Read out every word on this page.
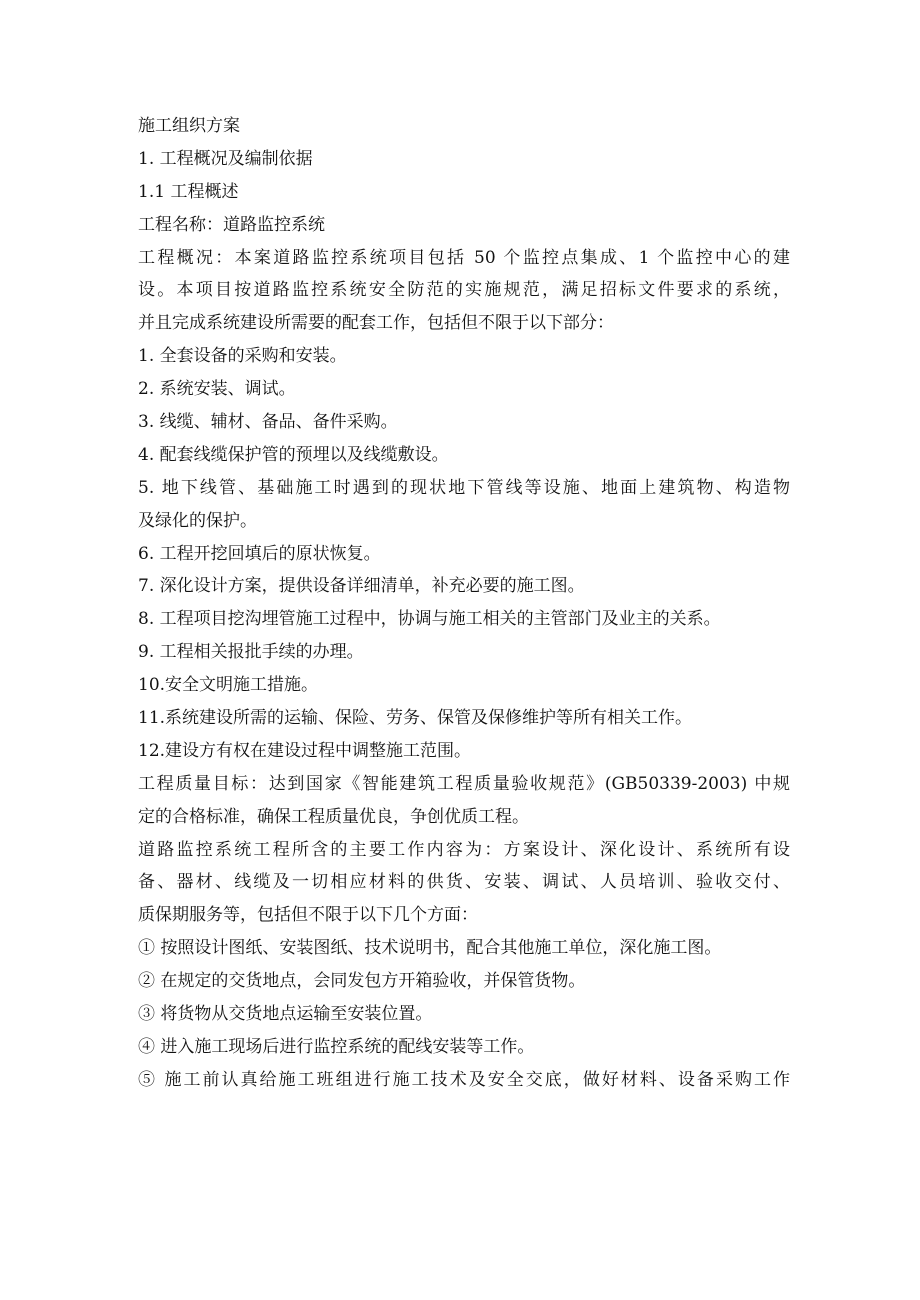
施工组织方案
1. 工程概况及编制依据
1.1 工程概述
工程名称：道路监控系统
工程概况：本案道路监控系统项目包括 50 个监控点集成、1 个监控中心的建
设。本项目按道路监控系统安全防范的实施规范，满足招标文件要求的系统，
并且完成系统建设所需要的配套工作，包括但不限于以下部分：
1. 全套设备的采购和安装。
2. 系统安装、调试。
3. 线缆、辅材、备品、备件采购。
4. 配套线缆保护管的预埋以及线缆敷设。
5. 地下线管、基础施工时遇到的现状地下管线等设施、地面上建筑物、构造物
及绿化的保护。
6. 工程开挖回填后的原状恢复。
7. 深化设计方案，提供设备详细清单，补充必要的施工图。
8. 工程项目挖沟埋管施工过程中，协调与施工相关的主管部门及业主的关系。
9. 工程相关报批手续的办理。
10.安全文明施工措施。
11.系统建设所需的运输、保险、劳务、保管及保修维护等所有相关工作。
12.建设方有权在建设过程中调整施工范围。
工程质量目标：达到国家《智能建筑工程质量验收规范》(GB50339-2003) 中规
定的合格标准，确保工程质量优良，争创优质工程。
道路监控系统工程所含的主要工作内容为：方案设计、深化设计、系统所有设
备、器材、线缆及一切相应材料的供货、安装、调试、人员培训、验收交付、
质保期服务等，包括但不限于以下几个方面：
① 按照设计图纸、安装图纸、技术说明书，配合其他施工单位，深化施工图。
② 在规定的交货地点，会同发包方开箱验收，并保管货物。
③ 将货物从交货地点运输至安装位置。
④ 进入施工现场后进行监控系统的配线安装等工作。
⑤ 施工前认真给施工班组进行施工技术及安全交底，做好材料、设备采购工作
